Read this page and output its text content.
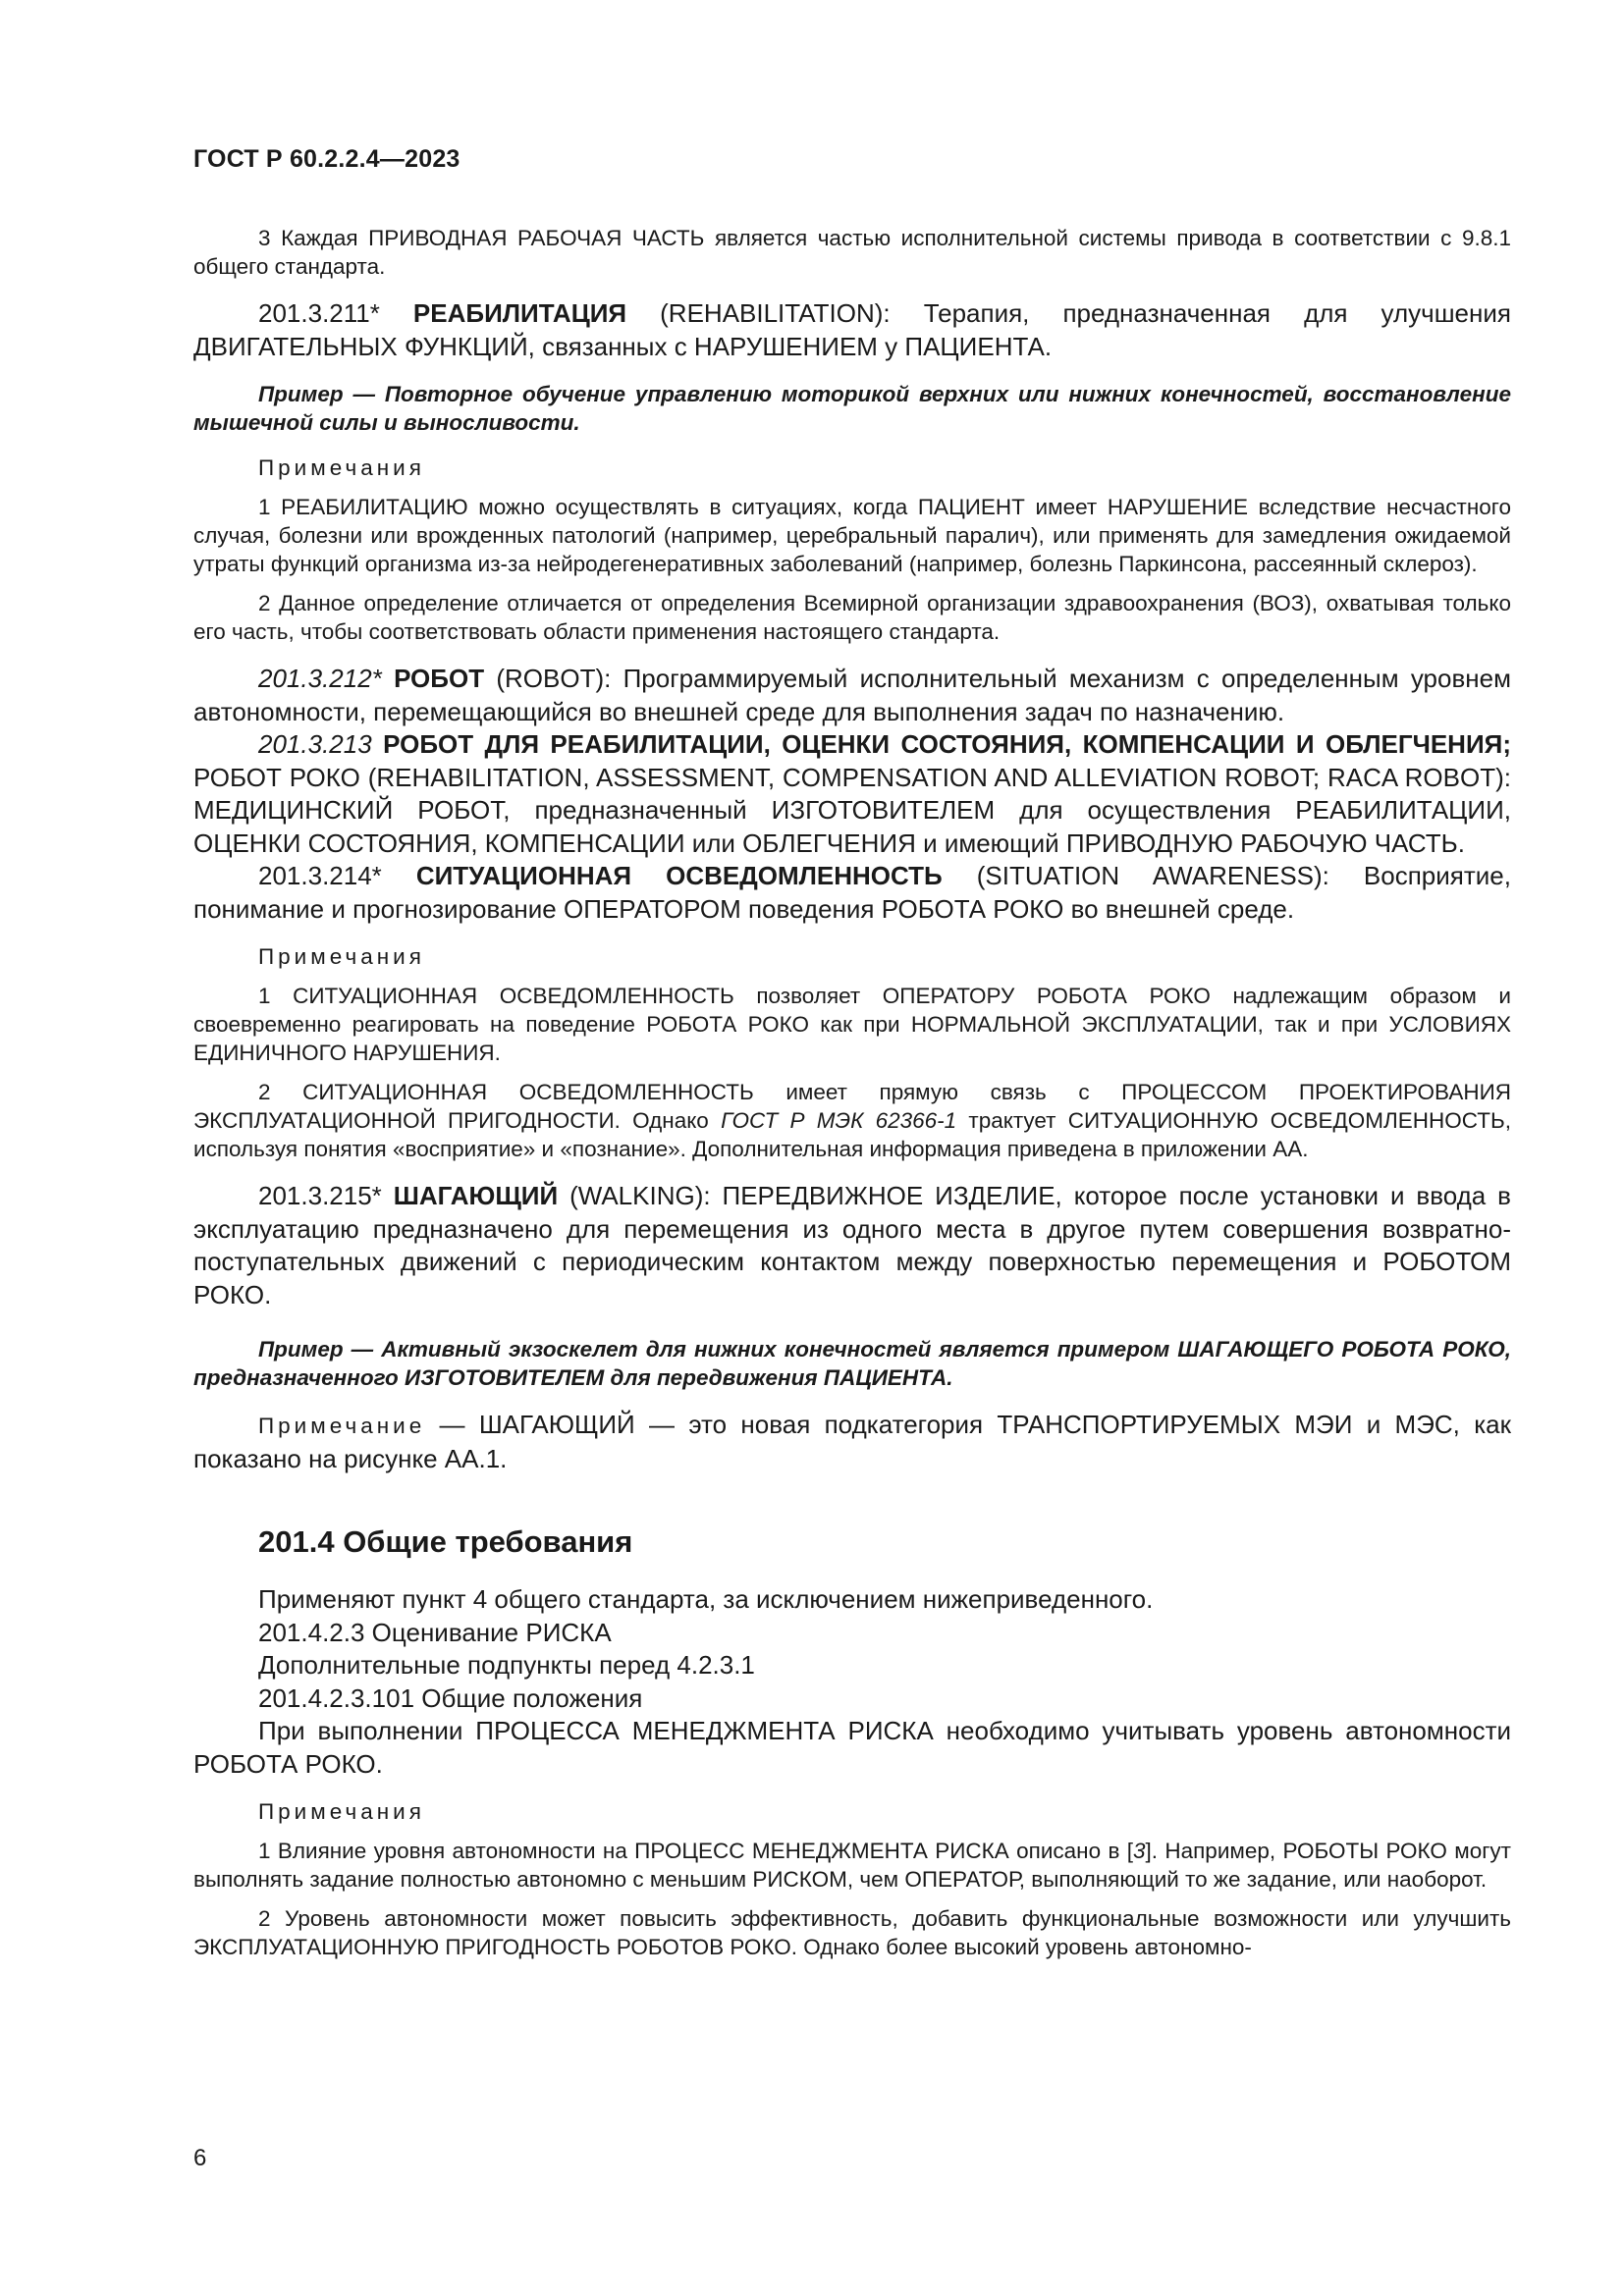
ГОСТ Р 60.2.2.4—2023

3 Каждая ПРИВОДНАЯ РАБОЧАЯ ЧАСТЬ является частью исполнительной системы привода в соответствии с 9.8.1 общего стандарта.

201.3.211* РЕАБИЛИТАЦИЯ (REHABILITATION): Терапия, предназначенная для улучшения ДВИГАТЕЛЬНЫХ ФУНКЦИЙ, связанных с НАРУШЕНИЕМ у ПАЦИЕНТА.

Пример — Повторное обучение управлению моторикой верхних или нижних конечностей, восстановление мышечной силы и выносливости.

Примечания

1 РЕАБИЛИТАЦИЮ можно осуществлять в ситуациях, когда ПАЦИЕНТ имеет НАРУШЕНИЕ вследствие несчастного случая, болезни или врожденных патологий (например, церебральный паралич), или применять для замедления ожидаемой утраты функций организма из-за нейродегенеративных заболеваний (например, болезнь Паркинсона, рассеянный склероз).

2 Данное определение отличается от определения Всемирной организации здравоохранения (ВОЗ), охватывая только его часть, чтобы соответствовать области применения настоящего стандарта.

201.3.212* РОБОТ (ROBOT): Программируемый исполнительный механизм с определенным уровнем автономности, перемещающийся во внешней среде для выполнения задач по назначению.

201.3.213 РОБОТ ДЛЯ РЕАБИЛИТАЦИИ, ОЦЕНКИ СОСТОЯНИЯ, КОМПЕНСАЦИИ И ОБЛЕГЧЕНИЯ; РОБОТ РОКО (REHABILITATION, ASSESSMENT, COMPENSATION AND ALLEVIATION ROBOT; RACA ROBOT): МЕДИЦИНСКИЙ РОБОТ, предназначенный ИЗГОТОВИТЕЛЕМ для осуществления РЕАБИЛИТАЦИИ, ОЦЕНКИ СОСТОЯНИЯ, КОМПЕНСАЦИИ или ОБЛЕГЧЕНИЯ и имеющий ПРИВОДНУЮ РАБОЧУЮ ЧАСТЬ.

201.3.214* СИТУАЦИОННАЯ ОСВЕДОМЛЕННОСТЬ (SITUATION AWARENESS): Восприятие, понимание и прогнозирование ОПЕРАТОРОМ поведения РОБОТА РОКО во внешней среде.

Примечания

1 СИТУАЦИОННАЯ ОСВЕДОМЛЕННОСТЬ позволяет ОПЕРАТОРУ РОБОТА РОКО надлежащим образом и своевременно реагировать на поведение РОБОТА РОКО как при НОРМАЛЬНОЙ ЭКСПЛУАТАЦИИ, так и при УСЛОВИЯХ ЕДИНИЧНОГО НАРУШЕНИЯ.

2 СИТУАЦИОННАЯ ОСВЕДОМЛЕННОСТЬ имеет прямую связь с ПРОЦЕССОМ ПРОЕКТИРОВАНИЯ ЭКСПЛУАТАЦИОННОЙ ПРИГОДНОСТИ. Однако ГОСТ Р МЭК 62366-1 трактует СИТУАЦИОННУЮ ОСВЕДОМЛЕННОСТЬ, используя понятия «восприятие» и «познание». Дополнительная информация приведена в приложении АА.

201.3.215* ШАГАЮЩИЙ (WALKING): ПЕРЕДВИЖНОЕ ИЗДЕЛИЕ, которое после установки и ввода в эксплуатацию предназначено для перемещения из одного места в другое путем совершения возвратно-поступательных движений с периодическим контактом между поверхностью перемещения и РОБОТОМ РОКО.

Пример — Активный экзоскелет для нижних конечностей является примером ШАГАЮЩЕГО РОБОТА РОКО, предназначенного ИЗГОТОВИТЕЛЕМ для передвижения ПАЦИЕНТА.

Примечание — ШАГАЮЩИЙ — это новая подкатегория ТРАНСПОРТИРУЕМЫХ МЭИ и МЭС, как показано на рисунке АА.1.

201.4 Общие требования

Применяют пункт 4 общего стандарта, за исключением нижеприведенного.

201.4.2.3 Оценивание РИСКА

Дополнительные подпункты перед 4.2.3.1

201.4.2.3.101 Общие положения

При выполнении ПРОЦЕССА МЕНЕДЖМЕНТА РИСКА необходимо учитывать уровень автономности РОБОТА РОКО.

Примечания

1 Влияние уровня автономности на ПРОЦЕСС МЕНЕДЖМЕНТА РИСКА описано в [3]. Например, РОБОТЫ РОКО могут выполнять задание полностью автономно с меньшим РИСКОМ, чем ОПЕРАТОР, выполняющий то же задание, или наоборот.

2 Уровень автономности может повысить эффективность, добавить функциональные возможности или улучшить ЭКСПЛУАТАЦИОННУЮ ПРИГОДНОСТЬ РОБОТОВ РОКО. Однако более высокий уровень автономно-

6
